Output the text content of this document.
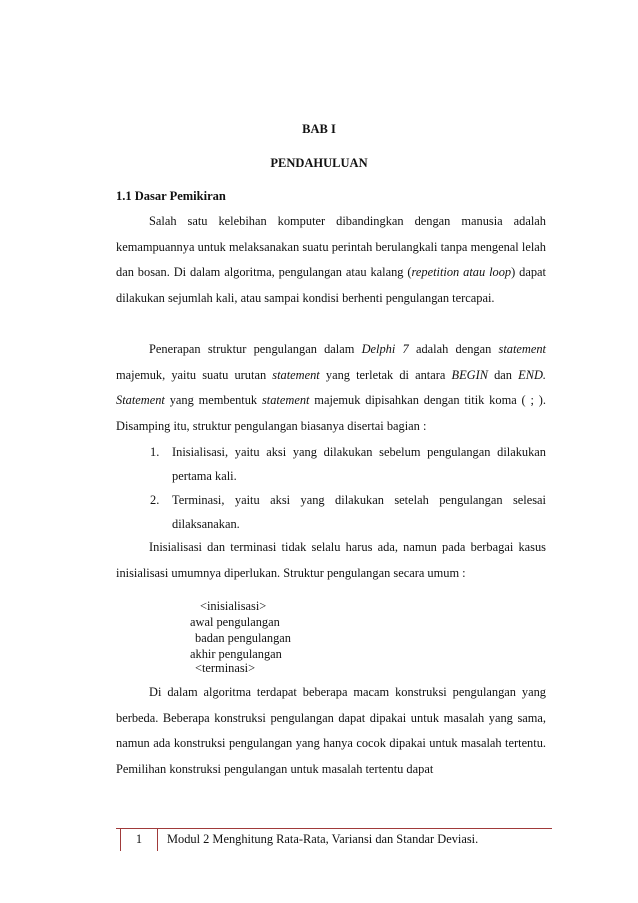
BAB I
PENDAHULUAN
1.1 Dasar Pemikiran

Salah satu kelebihan komputer dibandingkan dengan manusia adalah kemampuannya untuk melaksanakan suatu perintah berulangkali tanpa mengenal lelah dan bosan. Di dalam algoritma, pengulangan atau kalang (repetition atau loop) dapat dilakukan sejumlah kali, atau sampai kondisi berhenti pengulangan tercapai.

Penerapan struktur pengulangan dalam Delphi 7 adalah dengan statement majemuk, yaitu suatu urutan statement yang terletak di antara BEGIN dan END. Statement yang membentuk statement majemuk dipisahkan dengan titik koma ( ; ). Disamping itu, struktur pengulangan biasanya disertai bagian :

1. Inisialisasi, yaitu aksi yang dilakukan sebelum pengulangan dilakukan pertama kali.
2. Terminasi, yaitu aksi yang dilakukan setelah pengulangan selesai dilaksanakan.

Inisialisasi dan terminasi tidak selalu harus ada, namun pada berbagai kasus inisialisasi umumnya diperlukan. Struktur pengulangan secara umum :

<inisialisasi>
awal pengulangan
badan pengulangan
akhir pengulangan
<terminasi>

Di dalam algoritma terdapat beberapa macam konstruksi pengulangan yang berbeda. Beberapa konstruksi pengulangan dapat dipakai untuk masalah yang sama, namun ada konstruksi pengulangan yang hanya cocok dipakai untuk masalah tertentu. Pemilihan konstruksi pengulangan untuk masalah tertentu dapat

1	Modul 2 Menghitung Rata-Rata, Variansi dan Standar Deviasi.
